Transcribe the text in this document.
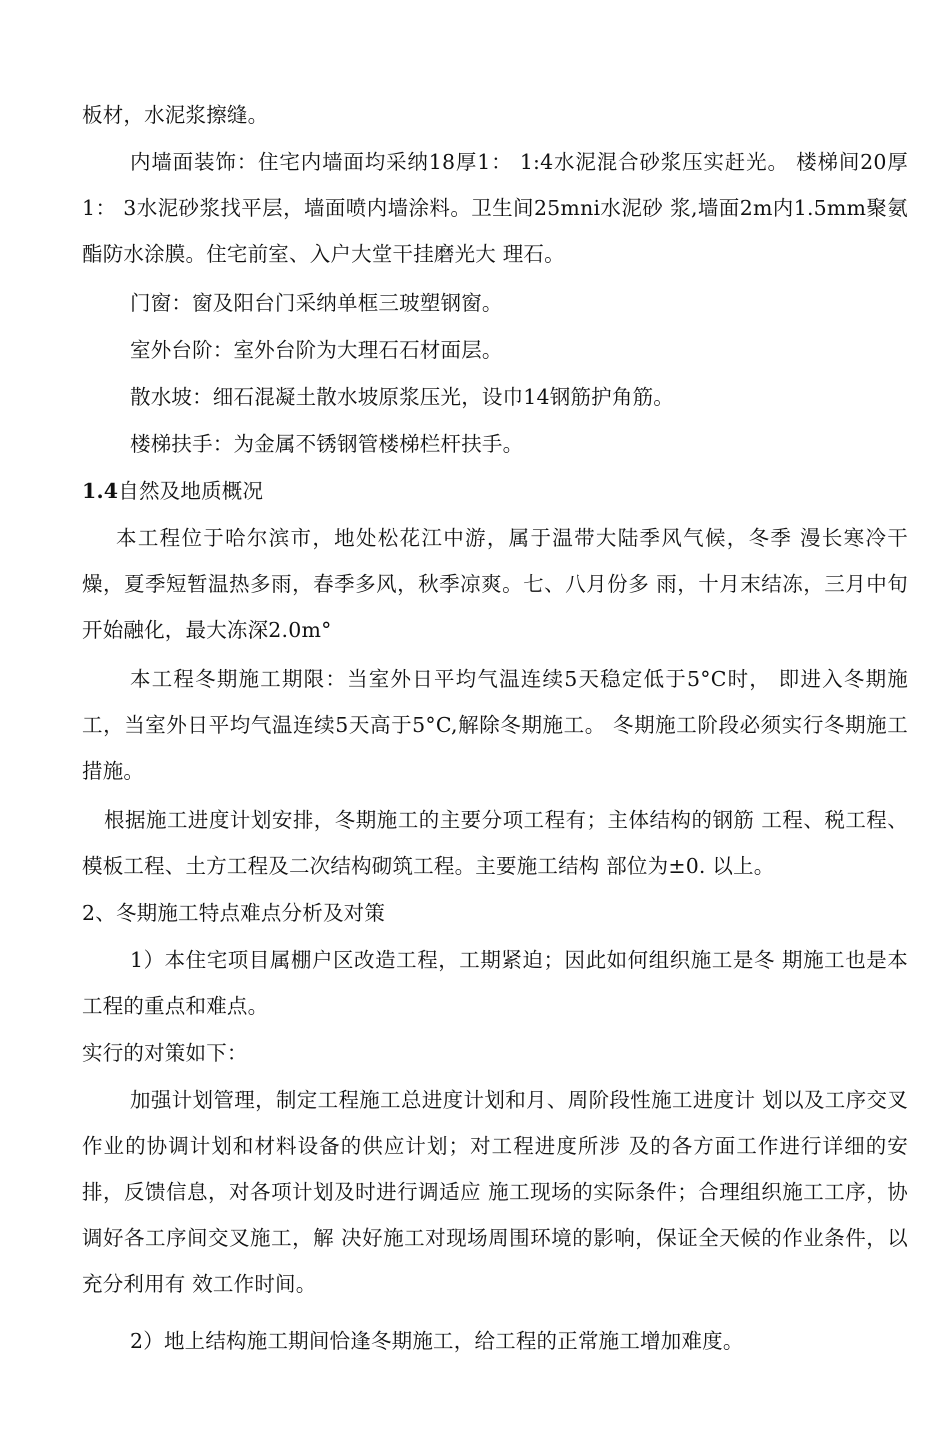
板材，水泥浆擦缝。

内墙面装饰：住宅内墙面均采纳18厚1： 1:4水泥混合砂浆压实赶光。 楼梯间20厚1： 3水泥砂浆找平层，墙面喷内墙涂料。卫生间25mni水泥砂 浆,墙面2m内1.5mm聚氨酯防水涂膜。住宅前室、入户大堂干挂磨光大 理石。

门窗：窗及阳台门采纳单框三玻塑钢窗。

室外台阶：室外台阶为大理石石材面层。

散水坡：细石混凝土散水坡原浆压光，设巾14钢筋护角筋。

楼梯扶手：为金属不锈钢管楼梯栏杆扶手。

1.4自然及地质概况

本工程位于哈尔滨市，地处松花江中游，属于温带大陆季风气候，冬季 漫长寒冷干燥，夏季短暂温热多雨，春季多风，秋季凉爽。七、八月份多 雨，十月末结冻，三月中旬开始融化，最大冻深2.0m°

本工程冬期施工期限：当室外日平均气温连续5天稳定低于5°C时， 即进入冬期施工，当室外日平均气温连续5天高于5°C,解除冬期施工。 冬期施工阶段必须实行冬期施工措施。

根据施工进度计划安排，冬期施工的主要分项工程有；主体结构的钢筋 工程、税工程、模板工程、土方工程及二次结构砌筑工程。主要施工结构 部位为±0. 以上。

2、冬期施工特点难点分析及对策

1）本住宅项目属棚户区改造工程，工期紧迫；因此如何组织施工是冬 期施工也是本工程的重点和难点。

实行的对策如下：

加强计划管理，制定工程施工总进度计划和月、周阶段性施工进度计 划以及工序交叉作业的协调计划和材料设备的供应计划；对工程进度所涉 及的各方面工作进行详细的安排，反馈信息，对各项计划及时进行调适应 施工现场的实际条件；合理组织施工工序，协调好各工序间交叉施工，解 决好施工对现场周围环境的影响，保证全天候的作业条件，以充分利用有 效工作时间。

2）地上结构施工期间恰逢冬期施工，给工程的正常施工增加难度。
